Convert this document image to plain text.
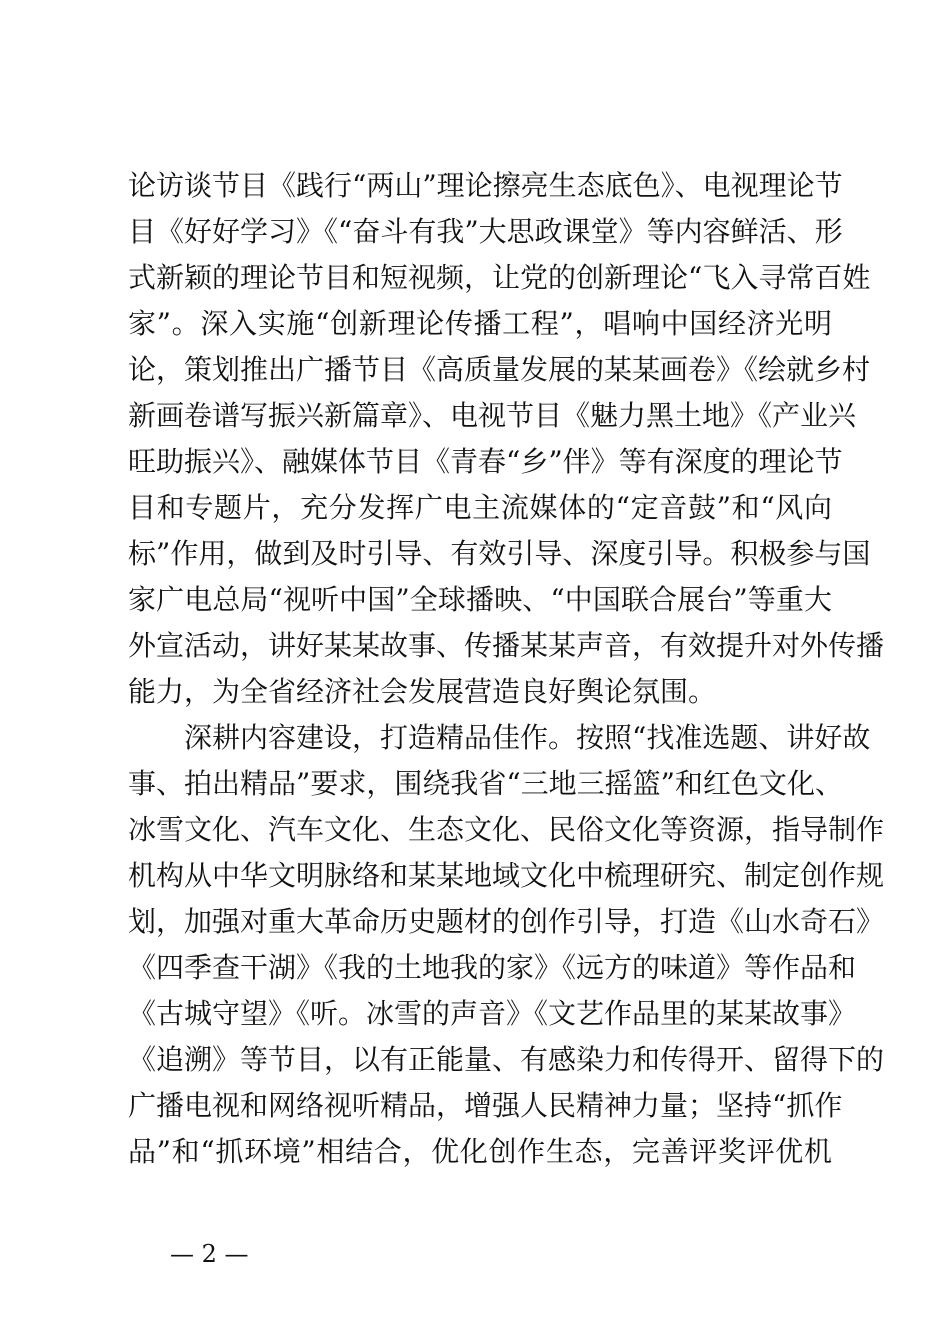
论访谈节目《践行“两山”理论擦亮生态底色》、电视理论节
目《好好学习》《“奋斗有我”大思政课堂》等内容鲜活、形
式新颖的理论节目和短视频，让党的创新理论“飞入寻常百姓
家”。深入实施“创新理论传播工程”，唱响中国经济光明
论，策划推出广播节目《高质量发展的某某画卷》《绘就乡村
新画卷谱写振兴新篇章》、电视节目《魅力黑土地》《产业兴
旺助振兴》、融媒体节目《青春“乡”伴》等有深度的理论节
目和专题片，充分发挥广电主流媒体的“定音鼓”和“风向
标”作用，做到及时引导、有效引导、深度引导。积极参与国
家广电总局“视听中国”全球播映、“中国联合展台”等重大
外宣活动，讲好某某故事、传播某某声音，有效提升对外传播
能力，为全省经济社会发展营造良好舆论氛围。
　　深耕内容建设，打造精品佳作。按照“找准选题、讲好故
事、拍出精品”要求，围绕我省“三地三摇篮”和红色文化、
冰雪文化、汽车文化、生态文化、民俗文化等资源，指导制作
机构从中华文明脉络和某某地域文化中梳理研究、制定创作规
划，加强对重大革命历史题材的创作引导，打造《山水奇石》
《四季查干湖》《我的土地我的家》《远方的味道》等作品和
《古城守望》《听。冰雪的声音》《文艺作品里的某某故事》
《追溯》等节目，以有正能量、有感染力和传得开、留得下的
广播电视和网络视听精品，增强人民精神力量；坚持“抓作
品”和“抓环境”相结合，优化创作生态，完善评奖评优机
— 2 —
